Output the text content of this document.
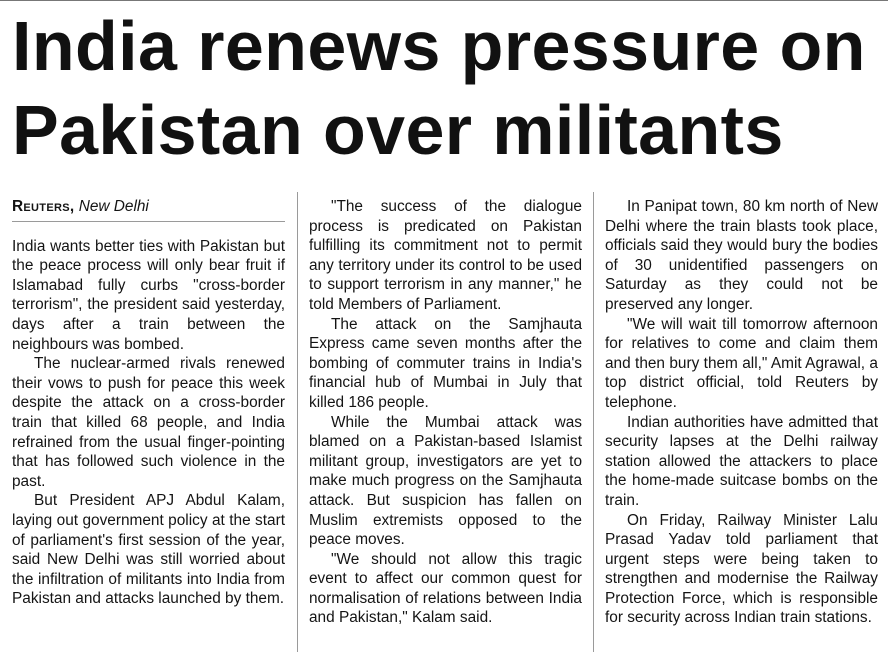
India renews pressure on
Pakistan over militants
Reuters, New Delhi

India wants better ties with Pakistan but the peace process will only bear fruit if Islamabad fully curbs "cross-border terrorism", the president said yesterday, days after a train between the neighbours was bombed.

The nuclear-armed rivals renewed their vows to push for peace this week despite the attack on a cross-border train that killed 68 people, and India refrained from the usual finger-pointing that has followed such violence in the past.

But President APJ Abdul Kalam, laying out government policy at the start of parliament's first session of the year, said New Delhi was still worried about the infiltration of militants into India from Pakistan and attacks launched by them.

"The success of the dialogue process is predicated on Pakistan fulfilling its commitment not to permit any territory under its control to be used to support terrorism in any manner," he told Members of Parliament.

The attack on the Samjhauta Express came seven months after the bombing of commuter trains in India's financial hub of Mumbai in July that killed 186 people.

While the Mumbai attack was blamed on a Pakistan-based Islamist militant group, investigators are yet to make much progress on the Samjhauta attack. But suspicion has fallen on Muslim extremists opposed to the peace moves.

"We should not allow this tragic event to affect our common quest for normalisation of relations between India and Pakistan," Kalam said.

In Panipat town, 80 km north of New Delhi where the train blasts took place, officials said they would bury the bodies of 30 unidentified passengers on Saturday as they could not be preserved any longer.

"We will wait till tomorrow afternoon for relatives to come and claim them and then bury them all," Amit Agrawal, a top district official, told Reuters by telephone.

Indian authorities have admitted that security lapses at the Delhi railway station allowed the attackers to place the home-made suitcase bombs on the train.

On Friday, Railway Minister Lalu Prasad Yadav told parliament that urgent steps were being taken to strengthen and modernise the Railway Protection Force, which is responsible for security across Indian train stations.
